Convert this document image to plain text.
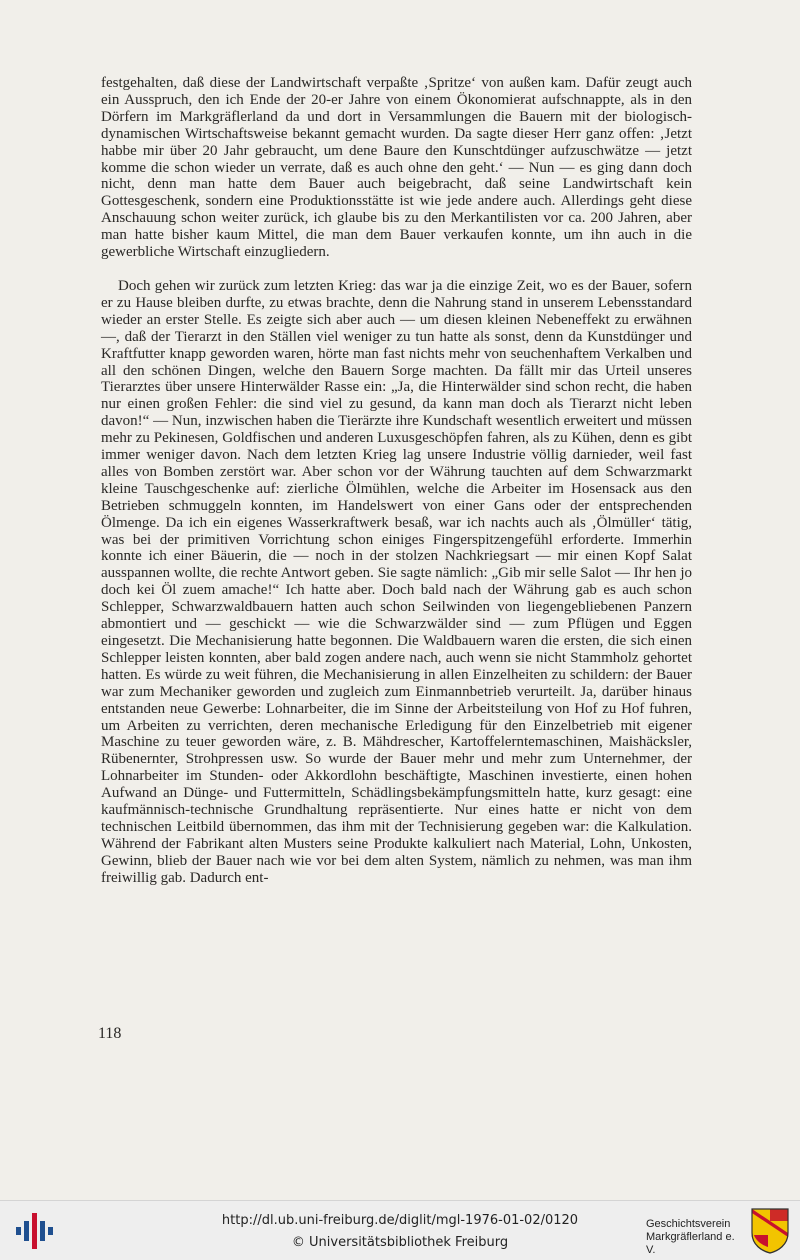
festgehalten, daß diese der Landwirtschaft verpaßte ‚Spritze‘ von außen kam. Dafür zeugt auch ein Ausspruch, den ich Ende der 20-er Jahre von einem Ökonomierat aufschnappte, als in den Dörfern im Markgräflerland da und dort in Versammlungen die Bauern mit der biologisch-dynamischen Wirtschaftsweise bekannt gemacht wurden. Da sagte dieser Herr ganz offen: ‚Jetzt habbe mir über 20 Jahr gebraucht, um dene Baure den Kunschtdünger aufzuschwätze — jetzt komme die schon wieder un verrate, daß es auch ohne den geht.‘ — Nun — es ging dann doch nicht, denn man hatte dem Bauer auch beigebracht, daß seine Landwirtschaft kein Gottesgeschenk, sondern eine Produktionsstätte ist wie jede andere auch. Allerdings geht diese Anschauung schon weiter zurück, ich glaube bis zu den Merkantilisten vor ca. 200 Jahren, aber man hatte bisher kaum Mittel, die man dem Bauer verkaufen konnte, um ihn auch in die gewerbliche Wirtschaft einzugliedern.

Doch gehen wir zurück zum letzten Krieg: das war ja die einzige Zeit, wo es der Bauer, sofern er zu Hause bleiben durfte, zu etwas brachte, denn die Nahrung stand in unserem Lebensstandard wieder an erster Stelle. Es zeigte sich aber auch — um diesen kleinen Nebeneffekt zu erwähnen —, daß der Tierarzt in den Ställen viel weniger zu tun hatte als sonst, denn da Kunstdünger und Kraftfutter knapp geworden waren, hörte man fast nichts mehr von seuchenhaftem Verkalben und all den schönen Dingen, welche den Bauern Sorge machten. Da fällt mir das Urteil unseres Tierarztes über unsere Hinterwälder Rasse ein: „Ja, die Hinterwälder sind schon recht, die haben nur einen großen Fehler: die sind viel zu gesund, da kann man doch als Tierarzt nicht leben davon!“ — Nun, inzwischen haben die Tierärzte ihre Kundschaft wesentlich erweitert und müssen mehr zu Pekinesen, Goldfischen und anderen Luxusgeschöpfen fahren, als zu Kühen, denn es gibt immer weniger davon. Nach dem letzten Krieg lag unsere Industrie völlig darnieder, weil fast alles von Bomben zerstört war. Aber schon vor der Währung tauchten auf dem Schwarzmarkt kleine Tauschgeschenke auf: zierliche Ölmühlen, welche die Arbeiter im Hosensack aus den Betrieben schmuggeln konnten, im Handelswert von einer Gans oder der entsprechenden Ölmenge. Da ich ein eigenes Wasserkraftwerk besaß, war ich nachts auch als ‚Ölmüller‘ tätig, was bei der primitiven Vorrichtung schon einiges Fingerspitzengefühl erforderte. Immerhin konnte ich einer Bäuerin, die — noch in der stolzen Nachkriegsart — mir einen Kopf Salat ausspannen wollte, die rechte Antwort geben. Sie sagte nämlich: „Gib mir selle Salot — Ihr hen jo doch kei Öl zuem amache!“ Ich hatte aber. Doch bald nach der Währung gab es auch schon Schlepper, Schwarzwaldbauern hatten auch schon Seilwinden von liegengebliebenen Panzern abmontiert und — geschickt — wie die Schwarzwälder sind — zum Pflügen und Eggen eingesetzt. Die Mechanisierung hatte begonnen. Die Waldbauern waren die ersten, die sich einen Schlepper leisten konnten, aber bald zogen andere nach, auch wenn sie nicht Stammholz gehortet hatten. Es würde zu weit führen, die Mechanisierung in allen Einzelheiten zu schildern: der Bauer war zum Mechaniker geworden und zugleich zum Einmannbetrieb verurteilt. Ja, darüber hinaus entstanden neue Gewerbe: Lohnarbeiter, die im Sinne der Arbeitsteilung von Hof zu Hof fuhren, um Arbeiten zu verrichten, deren mechanische Erledigung für den Einzelbetrieb mit eigener Maschine zu teuer geworden wäre, z. B. Mähdrescher, Kartoffelerntemaschinen, Maishäcksler, Rübenernter, Strohpressen usw. So wurde der Bauer mehr und mehr zum Unternehmer, der Lohnarbeiter im Stunden- oder Akkordlohn beschäftigte, Maschinen investierte, einen hohen Aufwand an Dünge- und Futtermitteln, Schädlingsbekämpfungsmitteln hatte, kurz gesagt: eine kaufmännisch-technische Grundhaltung repräsentierte. Nur eines hatte er nicht von dem technischen Leitbild übernommen, das ihm mit der Technisierung gegeben war: die Kalkulation. Während der Fabrikant alten Musters seine Produkte kalkuliert nach Material, Lohn, Unkosten, Gewinn, blieb der Bauer nach wie vor bei dem alten System, nämlich zu nehmen, was man ihm freiwillig gab. Dadurch ent-

118
http://dl.ub.uni-freiburg.de/diglit/mgl-1976-01-02/0120
© Universitätsbibliothek Freiburg
Geschichtsverein
Markgräflerland e. V.
